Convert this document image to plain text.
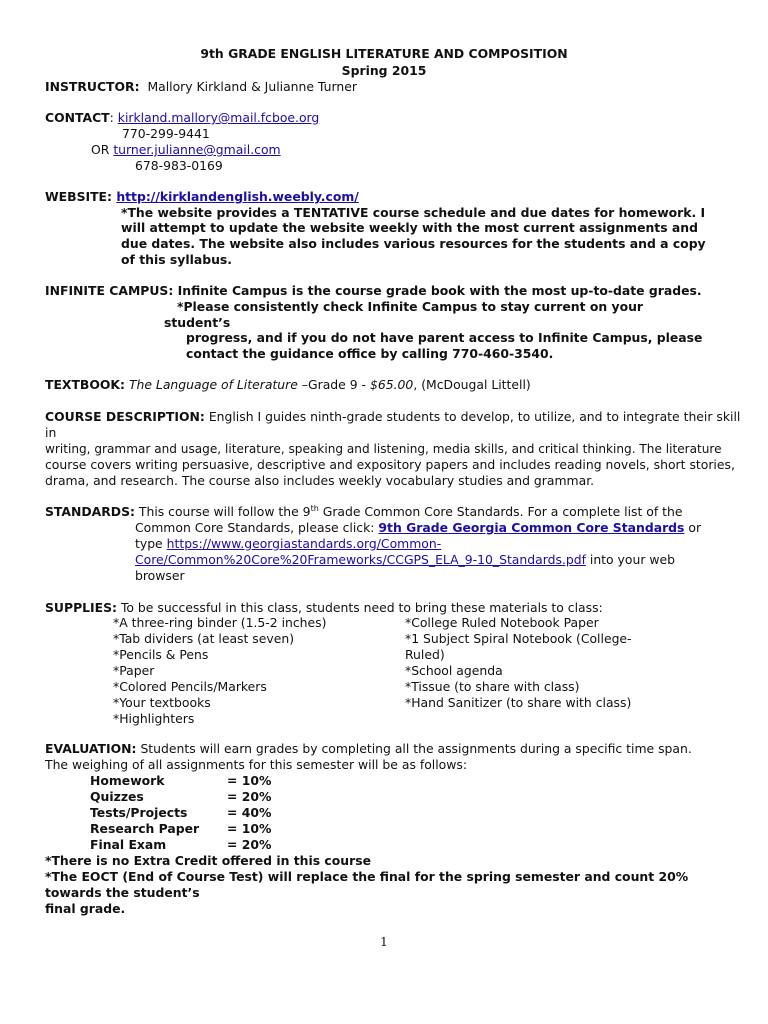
9th GRADE ENGLISH LITERATURE AND COMPOSITION
Spring 2015
INSTRUCTOR: Mallory Kirkland & Julianne Turner
CONTACT: kirkland.mallory@mail.fcboe.org
770-299-9441
OR turner.julianne@gmail.com
678-983-0169
WEBSITE: http://kirklandenglish.weebly.com/
*The website provides a TENTATIVE course schedule and due dates for homework. I
will attempt to update the website weekly with the most current assignments and
due dates. The website also includes various resources for the students and a copy
of this syllabus.
INFINITE CAMPUS: Infinite Campus is the course grade book with the most up-to-date grades.
*Please consistently check Infinite Campus to stay current on your
student’s
progress, and if you do not have parent access to Infinite Campus, please
contact the guidance office by calling 770-460-3540.
TEXTBOOK: The Language of Literature –Grade 9 - $65.00, (McDougal Littell)
COURSE DESCRIPTION: English I guides ninth-grade students to develop, to utilize, and to integrate their skill
in
writing, grammar and usage, literature, speaking and listening, media skills, and critical thinking. The literature
course covers writing persuasive, descriptive and expository papers and includes reading novels, short stories,
drama, and research. The course also includes weekly vocabulary studies and grammar.
STANDARDS: This course will follow the 9th Grade Common Core Standards. For a complete list of the
Common Core Standards, please click: 9th Grade Georgia Common Core Standards or
type https://www.georgiastandards.org/Common-
Core/Common%20Core%20Frameworks/CCGPS_ELA_9-10_Standards.pdf into your web
browser
SUPPLIES: To be successful in this class, students need to bring these materials to class:
*A three-ring binder (1.5-2 inches)
*Tab dividers (at least seven)
*Pencils & Pens
*Paper
*Colored Pencils/Markers
*Your textbooks
*Highlighters
*College Ruled Notebook Paper
*1 Subject Spiral Notebook (College-
Ruled)
*School agenda
*Tissue (to share with class)
*Hand Sanitizer (to share with class)
EVALUATION: Students will earn grades by completing all the assignments during a specific time span.
The weighing of all assignments for this semester will be as follows:
Homework	= 10%
Quizzes	= 20%
Tests/Projects	= 40%
Research Paper = 10%
Final Exam	= 20%
*There is no Extra Credit offered in this course
*The EOCT (End of Course Test) will replace the final for the spring semester and count 20%
towards the student’s
final grade.
1
